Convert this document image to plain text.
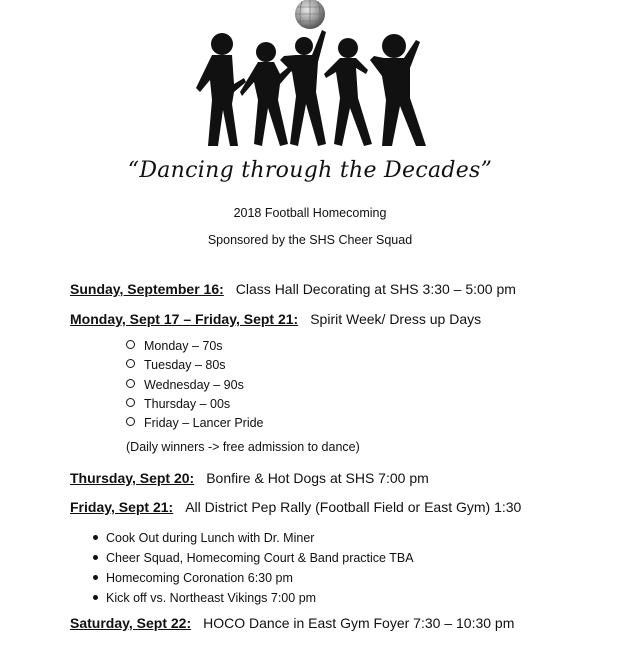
“Dancing through the Decades”
2018 Football Homecoming
Sponsored by the SHS Cheer Squad
Sunday, September 16: Class Hall Decorating at SHS 3:30 – 5:00 pm
Monday, Sept 17 – Friday, Sept 21: Spirit Week/ Dress up Days
Monday – 70s
Tuesday – 80s
Wednesday – 90s
Thursday – 00s
Friday – Lancer Pride
(Daily winners -> free admission to dance)
Thursday, Sept 20: Bonfire & Hot Dogs at SHS 7:00 pm
Friday, Sept 21: All District Pep Rally (Football Field or East Gym) 1:30
Cook Out during Lunch with Dr. Miner
Cheer Squad, Homecoming Court & Band practice TBA
Homecoming Coronation 6:30 pm
Kick off vs. Northeast Vikings 7:00 pm
Saturday, Sept 22: HOCO Dance in East Gym Foyer 7:30 – 10:30 pm
